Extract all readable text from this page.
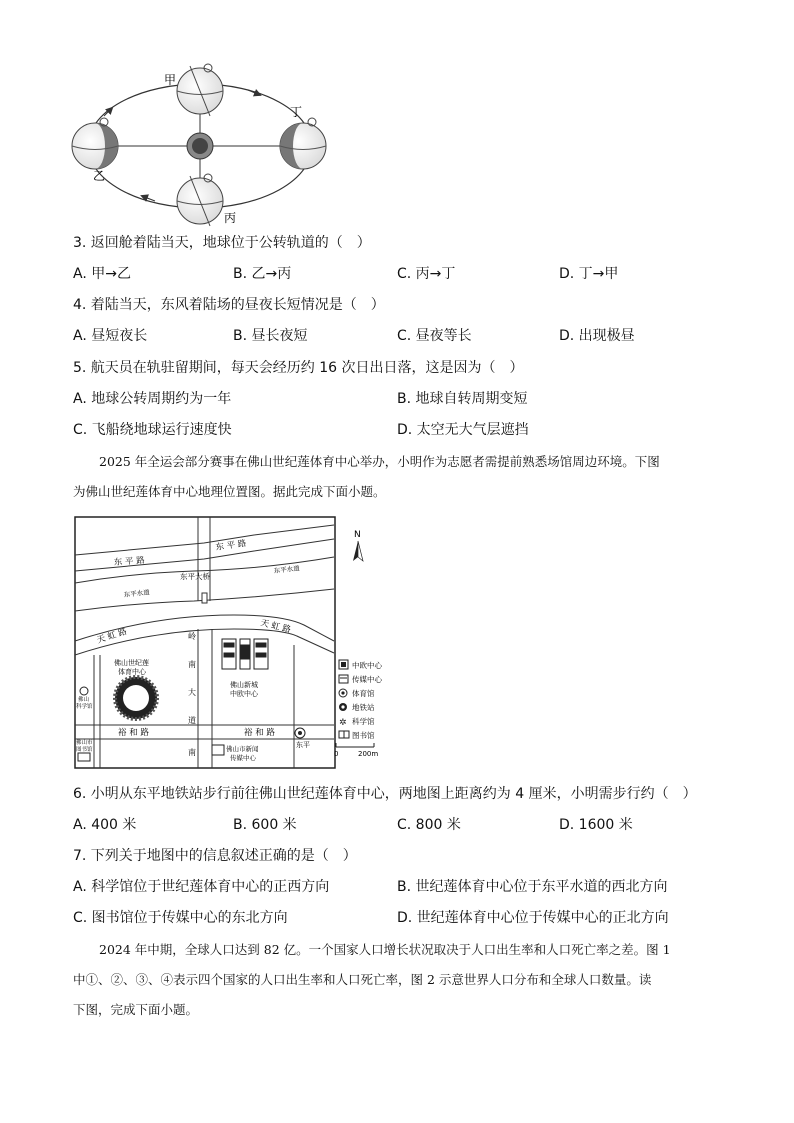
甲
乙
丙
丁
3. 返回舱着陆当天，地球位于公转轨道的（　）
A. 甲→乙	B. 乙→丙	C. 丙→丁	D. 丁→甲
4. 着陆当天，东风着陆场的昼夜长短情况是（　）
A. 昼短夜长	B. 昼长夜短	C. 昼夜等长	D. 出现极昼
5. 航天员在轨驻留期间，每天会经历约 16 次日出日落，这是因为（　）
A. 地球公转周期约为一年	B. 地球自转周期变短
C. 飞船绕地球运行速度快	D. 太空无大气层遮挡
2025 年全运会部分赛事在佛山世纪莲体育中心举办，小明作为志愿者需提前熟悉场馆周边环境。下图
为佛山世纪莲体育中心地理位置图。据此完成下面小题。
东 平 路
东 平 路
东平大桥
东平水道
东平水道
天 虹 路	天 虹 路
岭
南
大
道
南
裕 和 路	裕 和 路
佛山世纪莲
体育中心
佛山新城
中欧中心
佛山
科学馆
佛山市
图书馆	佛山市新闻
传媒中心
东平
N
中欧中心
传媒中心
体育馆
地铁站
✲ 科学馆
图书馆
0	200m
6. 小明从东平地铁站步行前往佛山世纪莲体育中心，两地图上距离约为 4 厘米，小明需步行约（　）
A. 400 米	B. 600 米	C. 800 米	D. 1600 米
7. 下列关于地图中的信息叙述正确的是（　）
A. 科学馆位于世纪莲体育中心的正西方向	B. 世纪莲体育中心位于东平水道的西北方向
C. 图书馆位于传媒中心的东北方向	D. 世纪莲体育中心位于传媒中心的正北方向
2024 年中期，全球人口达到 82 亿。一个国家人口增长状况取决于人口出生率和人口死亡率之差。图 1
中①、②、③、④表示四个国家的人口出生率和人口死亡率，图 2 示意世界人口分布和全球人口数量。读
下图，完成下面小题。
